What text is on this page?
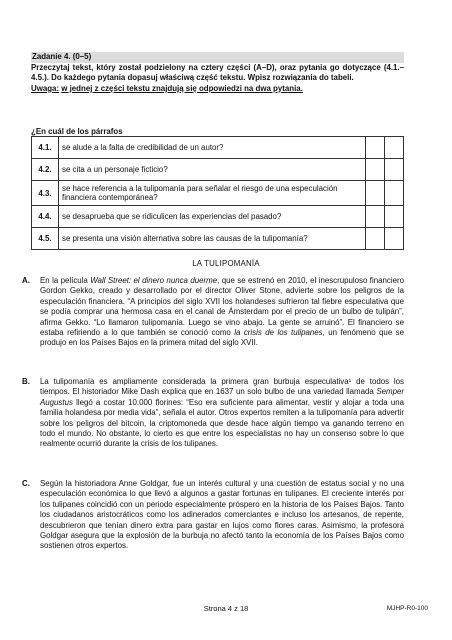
Zadanie 4. (0–5)
Przeczytaj tekst, który został podzielony na cztery części (A–D), oraz pytania go dotyczące (4.1.–4.5.). Do każdego pytania dopasuj właściwą część tekstu. Wpisz rozwiązania do tabeli.
Uwaga: w jednej z części tekstu znajdują się odpowiedzi na dwa pytania.
¿En cuál de los párrafos
4.1.	se alude a la falta de credibilidad de un autor?		
4.2.	se cita a un personaje ficticio?		
4.3.	se hace referencia a la tulipomanía para señalar el riesgo de una especulación financiera contemporánea?		
4.4.	se desaprueba que se ridiculicen las experiencias del pasado?		
4.5.	se presenta una visión alternativa sobre las causas de la tulipomanía?		
LA TULIPOMANÍA
A. En la película Wall Street: el dinero nunca duerme, que se estrenó en 2010, el inescrupuloso financiero Gordon Gekko, creado y desarrollado por el director Oliver Stone, advierte sobre los peligros de la especulación financiera. “A principios del siglo XVII los holandeses sufrieron tal fiebre especulativa que se podía comprar una hermosa casa en el canal de Ámsterdam por el precio de un bulbo de tulipán”, afirma Gekko. “Lo llamaron tulipomanía. Luego se vino abajo. La gente se arruinó”. El financiero se estaba refiriendo a lo que también se conoció como la crisis de los tulipanes, un fenómeno que se produjo en los Países Bajos en la primera mitad del siglo XVII.
B. La tulipomanía es ampliamente considerada la primera gran burbuja especulativa¹ de todos los tiempos. El historiador Mike Dash explica que en 1637 un solo bulbo de una variedad llamada Semper Augustus llegó a costar 10.000 florines: “Eso era suficiente para alimentar, vestir y alojar a toda una familia holandesa por media vida”, señala el autor. Otros expertos remiten a la tulipomanía para advertir sobre los peligros del bitcoin, la criptomoneda que desde hace algún tiempo va ganando terreno en todo el mundo. No obstante, lo cierto es que entre los especialistas no hay un consenso sobre lo que realmente ocurrió durante la crisis de los tulipanes.
C. Según la historiadora Anne Goldgar, fue un interés cultural y una cuestión de estatus social y no una especulación económica lo que llevó a algunos a gastar fortunas en tulipanes. El creciente interés por los tulipanes coincidió con un periodo especialmente próspero en la historia de los Países Bajos. Tanto los ciudadanos aristocráticos como los adinerados comerciantes e incluso los artesanos, de repente, descubrieron que tenían dinero extra para gastar en lujos como flores caras. Asimismo, la profesora Goldgar asegura que la explosión de la burbuja no afectó tanto la economía de los Países Bajos como sostienen otros expertos.
Strona 4 z 18	MJHP-R0-100
